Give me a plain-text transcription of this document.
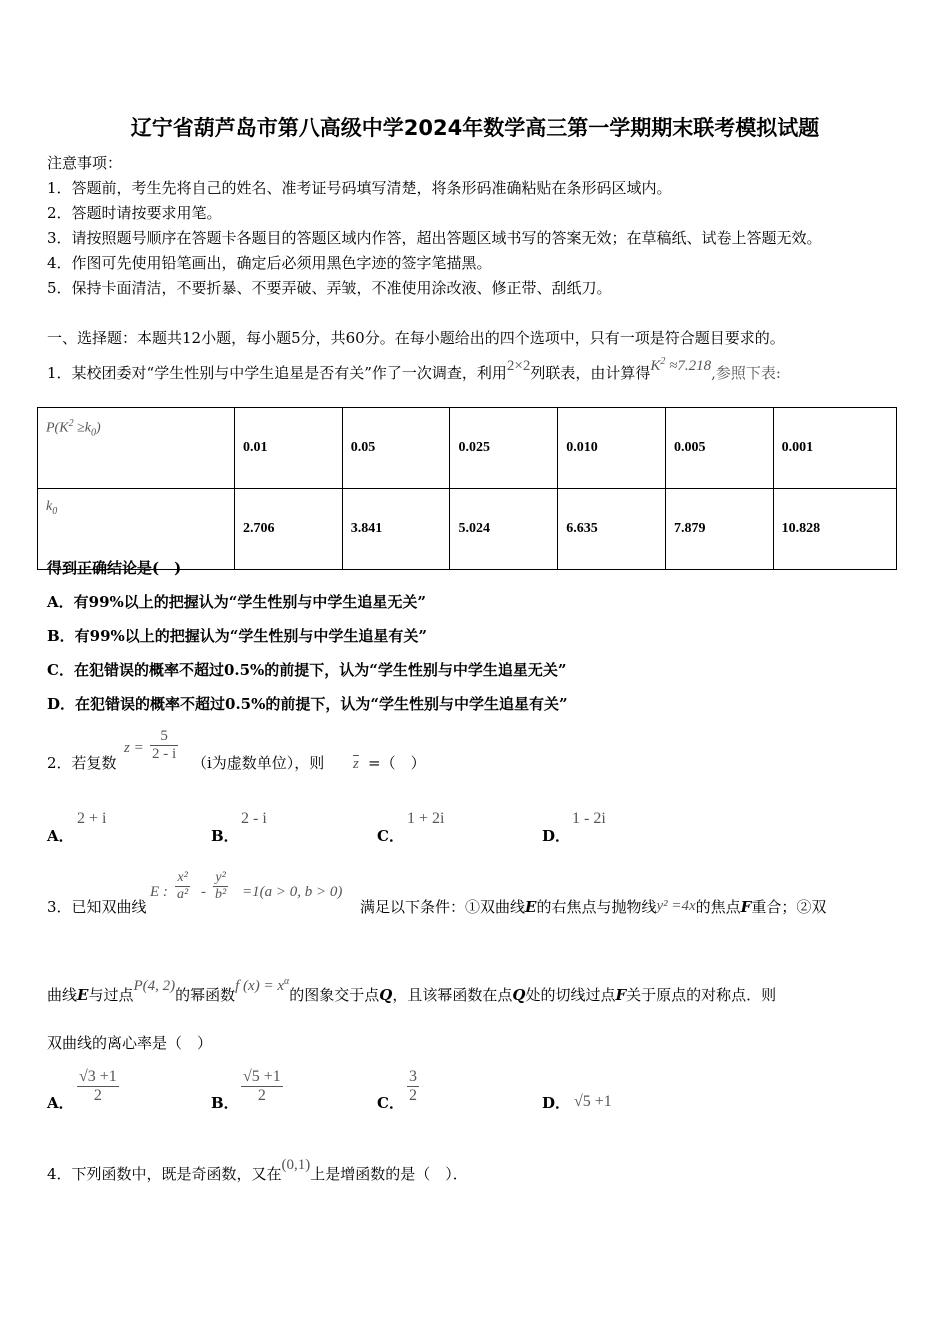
辽宁省葫芦岛市第八高级中学2024年数学高三第一学期期末联考模拟试题
注意事项：
1．答题前，考生先将自己的姓名、准考证号码填写清楚，将条形码准确粘贴在条形码区域内。
2．答题时请按要求用笔。
3．请按照题号顺序在答题卡各题目的答题区域内作答，超出答题区域书写的答案无效；在草稿纸、试卷上答题无效。
4．作图可先使用铅笔画出，确定后必须用黑色字迹的签字笔描黑。
5．保持卡面清洁，不要折暴、不要弄破、弄皱，不准使用涂改液、修正带、刮纸刀。
一、选择题：本题共12小题，每小题5分，共60分。在每小题给出的四个选项中，只有一项是符合题目要求的。
1．某校团委对“学生性别与中学生追星是否有关”作了一次调查，利用2×2列联表，由计算得$K^2 \approx 7.218$,参照下表:
$P(K^2 \ge k_0)$	0.01	0.05	0.025	0.010	0.005	0.001
$k_0$	2.706	3.841	5.024	6.635	7.879	10.828
得到正确结论是(　)
A．有99%以上的把握认为“学生性别与中学生追星无关”
B．有99%以上的把握认为“学生性别与中学生追星有关”
C．在犯错误的概率不超过0.5%的前提下，认为“学生性别与中学生追星无关”
D．在犯错误的概率不超过0.5%的前提下，认为“学生性别与中学生追星有关”
2．若复数
$z = \frac{5}{2 - i} (i$为虚数单位），则 $\overline{z}$ =（　）
A．
2 + i
B．
2 - i
C．
1 + 2i
D．
1 - 2i
3．已知双曲线
E : $\frac{\text{x²}}{\text{a²}} - \frac{\text{y²}}{\text{b²}} =1(a > 0$, b > 0)
满足以下条件：①双曲线E的右焦点与抛物线y² =4x的焦点F重合；②双
曲线E与过点P(4, 2)的幂函数f $(x) = x^\alpha$的图象交于点Q，且该幂函数在点Q处的切线过点F关于原点的对称点．则
双曲线的离心率是（　）
A． $\frac{√3 +1}{2}$	B． $\frac{√5 +1}{2}$	C． $\frac{3}{2}$	D． √5 +1
4．下列函数中，既是奇函数，又在(0,1)上是增函数的是（　）．
